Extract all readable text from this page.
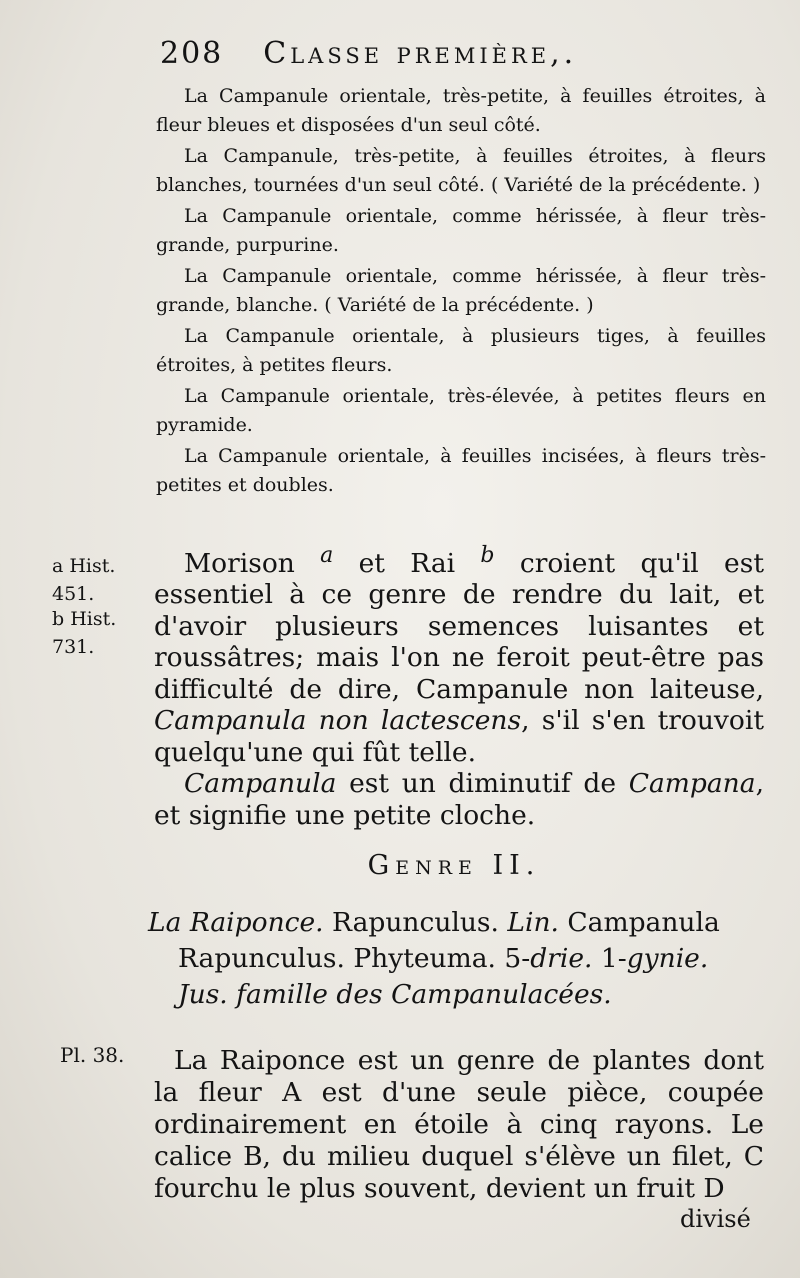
208 Classe première,.

La Campanule orientale, très-petite, à feuilles étroites, à fleur bleues et disposées d'un seul côté.

La Campanule, très-petite, à feuilles étroites, à fleurs blanches, tournées d'un seul côté. ( Variété de la précédente. )

La Campanule orientale, comme hérissée, à fleur très-grande, purpurine.

La Campanule orientale, comme hérissée, à fleur très-grande, blanche. ( Variété de la précédente. )

La Campanule orientale, à plusieurs tiges, à feuilles étroites, à petites fleurs.

La Campanule orientale, très-élevée, à petites fleurs en pyramide.

La Campanule orientale, à feuilles incisées, à fleurs très-petites et doubles.

a Hist. 451.
b Hist. 731.

Morison $^a$ et Rai $^b$ croient qu'il est essentiel à ce genre de rendre du lait, et d'avoir plusieurs semences luisantes et roussâtres; mais l'on ne feroit peut-être pas difficulté de dire, Campanule non laiteuse, Campanula non lactescens, s'il s'en trouvoit quelqu'une qui fût telle.

Campanula est un diminutif de Campana, et signifie une petite cloche.

Genre II.
La Raiponce. Rapunculus. Lin. Campanula
Rapunculus. Phyteuma. 5-drie. 1-gynie.
Jus. famille des Campanulacées.
Pl. 38.	La Raiponce est un genre de plantes dont la fleur A est d'une seule pièce, coupée ordinairement en étoile à cinq rayons. Le calice B, du milieu duquel s'élève un filet, C fourchu le plus souvent, devient un fruit D

divisé
